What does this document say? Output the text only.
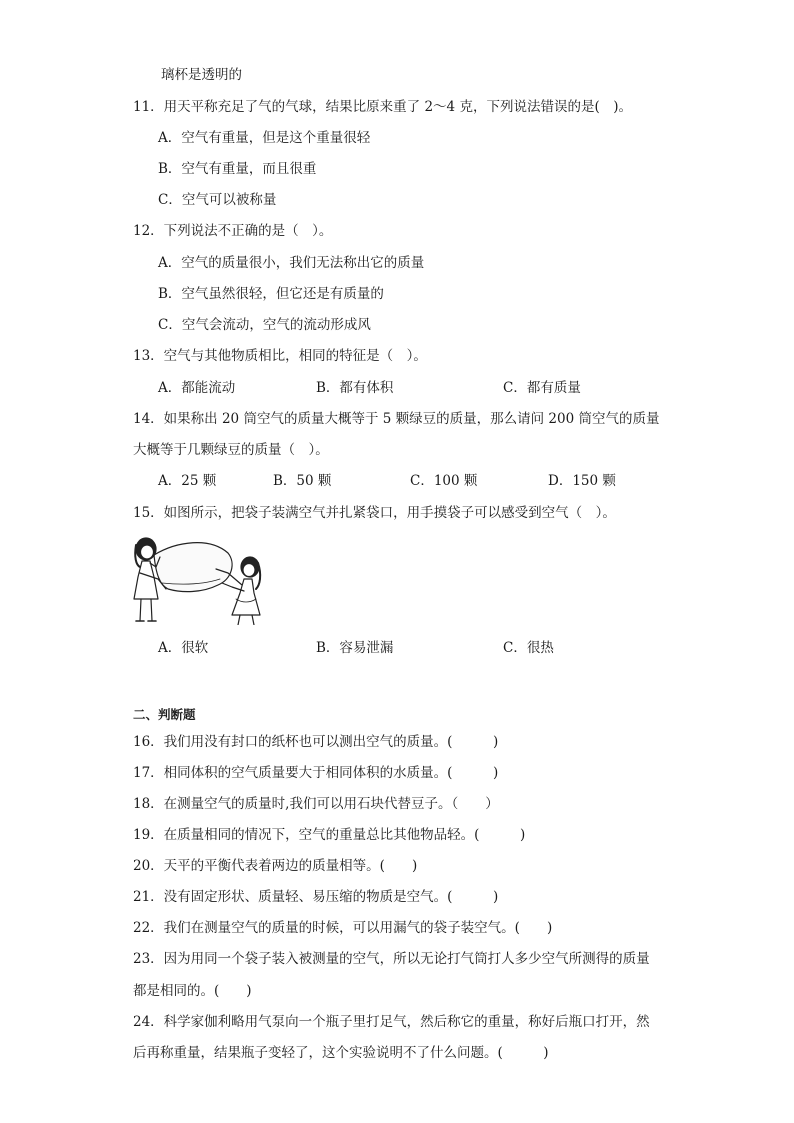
璃杯是透明的
11．用天平称充足了气的气球，结果比原来重了 2～4 克，下列说法错误的是(　)。
A．空气有重量，但是这个重量很轻
B．空气有重量，而且很重
C．空气可以被称量
12．下列说法不正确的是（　）。
A．空气的质量很小，我们无法称出它的质量
B．空气虽然很轻，但它还是有质量的
C．空气会流动，空气的流动形成风
13．空气与其他物质相比，相同的特征是（　）。
A．都能流动	B．都有体积	C．都有质量
14．如果称出 20 筒空气的质量大概等于 5 颗绿豆的质量，那么请问 200 筒空气的质量
大概等于几颗绿豆的质量（　）。
A．25 颗	B．50 颗	C．100 颗	D．150 颗
15．如图所示，把袋子装满空气并扎紧袋口，用手摸袋子可以感受到空气（　）。
A．很软	B．容易泄漏	C．很热
二、判断题
16．我们用没有封口的纸杯也可以测出空气的质量。(　　　)
17．相同体积的空气质量要大于相同体积的水质量。(　　　)
18．在测量空气的质量时,我们可以用石块代替豆子。（　　）
19．在质量相同的情况下，空气的重量总比其他物品轻。(　　　)
20．天平的平衡代表着两边的质量相等。(　　)
21．没有固定形状、质量轻、易压缩的物质是空气。(　　　)
22．我们在测量空气的质量的时候，可以用漏气的袋子装空气。(　　)
23．因为用同一个袋子装入被测量的空气，所以无论打气筒打人多少空气所测得的质量
都是相同的。(　　)
24．科学家伽利略用气泵向一个瓶子里打足气，然后称它的重量，称好后瓶口打开，然
后再称重量，结果瓶子变轻了，这个实验说明不了什么问题。(　　　)
